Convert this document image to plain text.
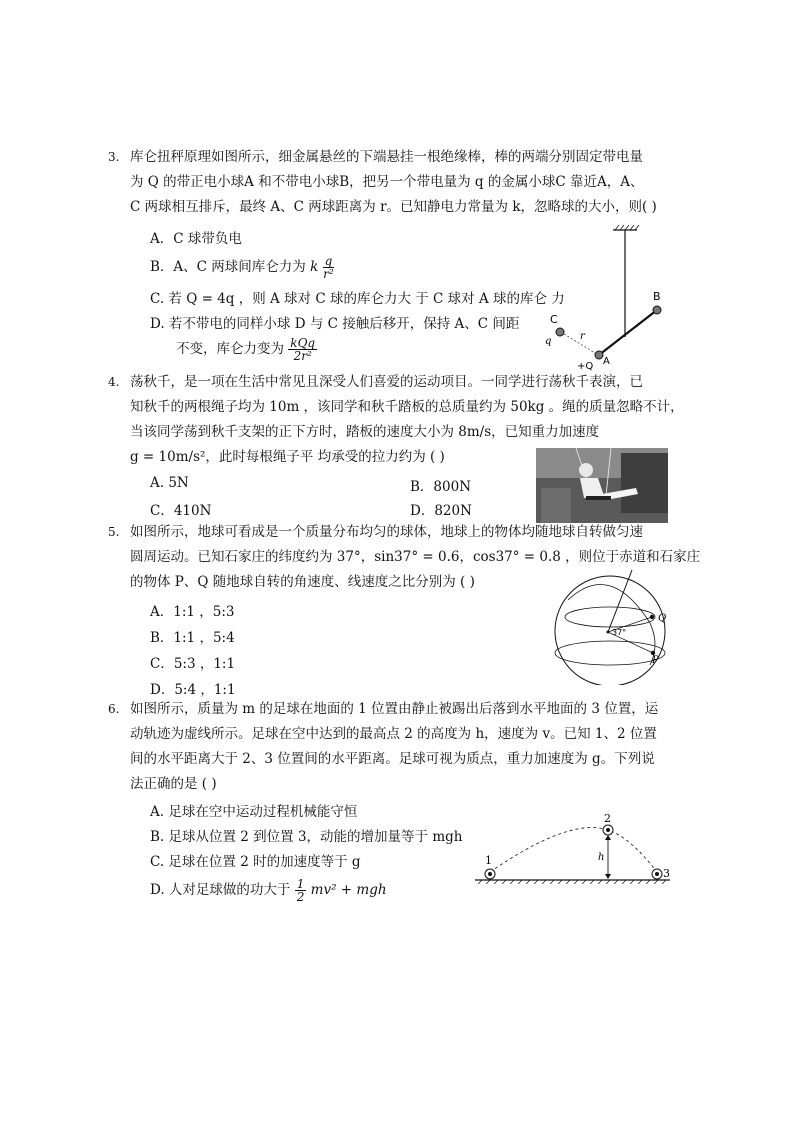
3. 库仑扭秤原理如图所示，细金属悬丝的下端悬挂一根绝缘棒，棒的两端分别固定带电量
为 Q 的带正电小球A 和不带电小球B，把另一个带电量为 q 的金属小球C 靠近A，A、
C 两球相互排斥，最终 A、C 两球距离为 r。已知静电力常量为 k，忽略球的大小，则( )
A．C 球带负电
B．A、C 两球间库仑力为 k $\frac{q}{\text{r²}}$
C. 若 Q = 4q ，则 A 球对 C 球的库仑力大 于 C 球对 A 球的库仑 力
D. 若不带电的同样小球 D 与 C 接触后移开，保持 A、C 间距
不变，库仑力变为 $\frac{\text{kQq}}{\text{2r²}}$
B
C
q	r
A
+Q
4. 荡秋千，是一项在生活中常见且深受人们喜爱的运动项目。一同学进行荡秋千表演，已
知秋千的两根绳子均为 10m ，该同学和秋千踏板的总质量约为 50kg 。绳的质量忽略不计，
当该同学荡到秋千支架的正下方时，踏板的速度大小为 8m/s，已知重力加速度
g = 10m/s²，此时每根绳子平 均承受的拉力约为 ( )
A. 5N	B．800N
C．410N	D．820N
5. 如图所示，地球可看成是一个质量分布均匀的球体，地球上的物体均随地球自转做匀速
圆周运动。已知石家庄的纬度约为 37°，sin37° = 0.6，cos37° = 0.8 ，则位于赤道和石家庄
的物体 P、Q 随地球自转的角速度、线速度之比分别为 ( )
A．1:1 ，5:3
B．1:1 ，5:4
C．5:3 ，1:1
D．5:4 ，1:1
Q
P
37°
6. 如图所示，质量为 m 的足球在地面的 1 位置由静止被踢出后落到水平地面的 3 位置，运
动轨迹为虚线所示。足球在空中达到的最高点 2 的高度为 h，速度为 v。已知 1、2 位置
间的水平距离大于 2、3 位置间的水平距离。足球可视为质点，重力加速度为 g。下列说
法正确的是 ( )
A. 足球在空中运动过程机械能守恒
B. 足球从位置 2 到位置 3，动能的增加量等于 mgh
C. 足球在位置 2 时的加速度等于 g
D. 人对足球做的功大于 $\frac{1}{2} mv^2$ + mgh
1
2
3
h
